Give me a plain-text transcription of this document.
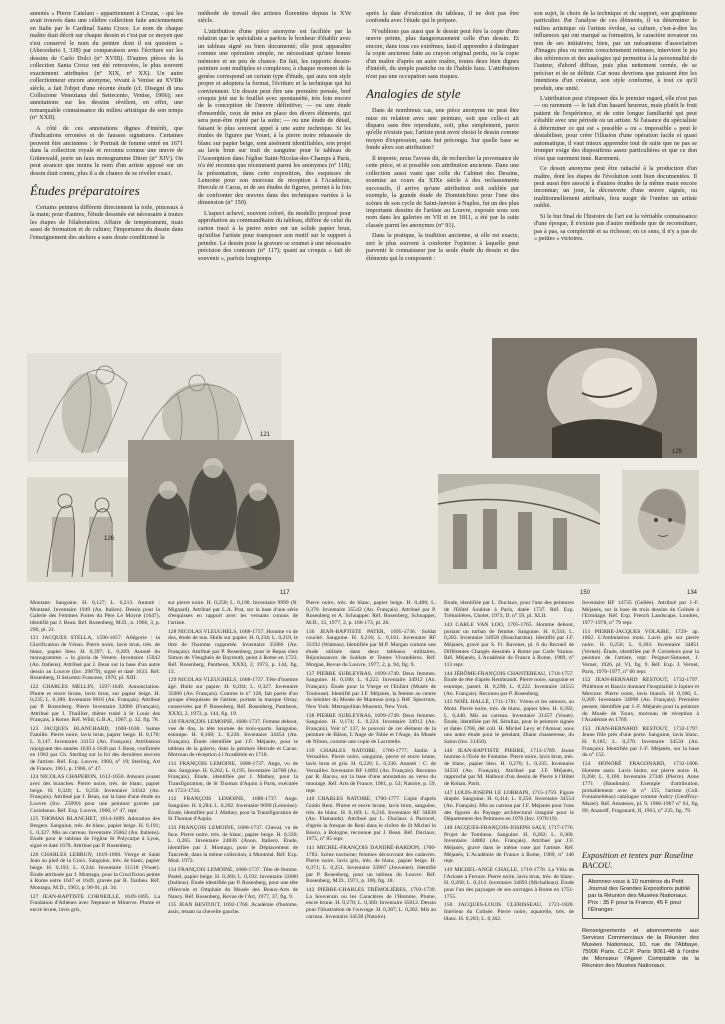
annotés « Pierre Catelani - appartiennent à Crozat, - qui les avait trouvés dans une célèbre collection faite anciennement en Italie par le Cardinal Santa Croce. Le nom de chaque maître était décrit sur chaque dessin et c'est par ce moyen que s'est conservé le nom du peintre dont il est question » (Abecedario I, 338) par comparaison avec l'écriture sur les dessins de Carlo Dolci (n° XVIII). D'autres pièces de la collection Santa Croce ont été retrouvées, le plus souvent exactement attribuées (n° XIX, n° XX). Un autre collectionneur encore anonyme, vivant à Venise au XVIIIe siècle, a fait l'objet d'une récente étude (cf. Disegni di una Collezione Veneziana del Settecento, Venise, 1966); ses annotations sur les dessins révèlent, en effet, une remarquable connaissance du milieu artistique de son temps (n° XXII).

A côté de ces annotations dignes d'intérêt, que d'indications erronées et de fausses signatures. Certaines peuvent être anciennes : le Portrait de femme entré en 1671 dans la collection royale et reconnu comme une œuvre de Grünewald, porte un faux monogramme Dürer (n° XIV). On peut avancer que moins le nom d'un artiste apposé sur un dessin était connu, plus il a de chance de se révéler exact.

Études préparatoires

Certains peintres diffèrent directement la toile, pinceaux à la main; pour d'autres, l'étude dessinée est nécessaire à toutes les étapes de l'élaboration. Affaire de tempérament, mais aussi de formation et de culture; l'importance du dessin dans l'enseignement des ateliers a sans doute conditionné la

méthode de travail des artistes florentins depuis le XVe siècle.

L'attribution d'une pièce anonyme est facilitée par la relation que le spécialiste a parfois le bonheur d'établir avec un tableau signé ou bien documenté; elle peut apparaître comme une opération simple, ne nécessitant qu'une bonne mémoire et un peu de chance. En fait, les rapports dessin-peinture sont multiples et complexes; à chaque moment de la genèse correspond un certain type d'étude, qui aura son style propre et adoptera la format, l'écriture et la technique qui lui conviennent. Un dessin peut être une première pensée, bref croquis jeté sur le feuillet avec spontanéité, très loin encore de la conception de l'œuvre définitive; — ou une étude d'ensemble, ceux de mise en place des divers éléments, qui sera peut-être rejeté par la suite; — ou une étude de détail, faisant le plus souvent appel à une autre technique. Si les études de figures par Vouet, à la pierre noire rehaussée de blanc sur papier beige, sont aisément identifiables, son projet au lavis brun sur trait de sanguine pour le tableau de l'Assomption dans l'église Saint-Nicolas-des-Champs à Paris, n'a été reconnu que récemment parmi les anonymes (n° 118); la présentation, dans cette exposition, des esquisses de Lemoine pour son morceau de réception à l'Académie, Hercule et Cacus, et de ses études de figures, permet à la fois de confronter des œuvres dans des techniques variées à la dimension (n° 150).

L'aspect achevé, souvent coloré, du modello proposé pour approbation au commanditaire du tableau, diffère de celui du carton tracé à la pierre noire sur un solide papier brun, qu'utilise l'artiste pour transposer son motif sur le support à peindre. Le dessin pour la gravure se soumet à une nécessaire précision des contours (n° 117); quant au croquis « fait de souvenir », parfois longtemps

après la date d'exécution du tableau, il ne doit pas être confondu avec l'étude qui le prépare.

N'oublions pas aussi que le dessin peut être la copie d'une œuvre peinte, plus dangereusement celle d'un dessin. Et encore, dans tous ces extrêmes, faut-il apprendre à distinguer la copie ancienne faite au crayon original perdu, ou la copie d'un maître d'après un autre maître, toutes deux bien dignes d'intérêt, du simple pastiche ou de l'habile faux. L'attribution n'est pas une occupation sans risques.

Analogies de style

Dans de nombreux cas, une pièce anonyme ne peut être mise en relation avec une peinture, soit que celle-ci ait disparu sans être reproduite, soit, plus simplement, parce qu'elle n'existe pas; l'artiste peut avoir choisi le dessin comme moyen d'expression, sans but précongu. Sur quelle base se fonde alors son attribution?

Il importe, nous l'avons dit, de rechercher la provenance de cette pièce, et si possible son attribution ancienne. Dans une collection aussi vaste que celle du Cabinet des Dessins, soumise au cours du XIXe siècle à des reclassements successifs, il arrive qu'une attribution soit oubliée par exemple, la grande étude de Dominichino pour l'une des scènes de son cycle de Saint-Janvier à Naples, fut un des plus importants dessins de l'artiste au Louvre, exposée sous son nom dans les galeries en VII et en 1811, a été par la suite classée parmi les anonymes (n° 91).

Dans la pratique, la tradition ancienne, si elle est exacte, sert le plus souvent à conforter l'opinion à laquelle peut parvenir le connaisseur par la seule étude du dessin et des éléments qui le composent :

son sujet, le choix de la technique et du support, son graphisme particulier. Par l'analyse de ces éléments, il va déterminer le milieu artistique où l'artiste évolue, sa culture, c'est-à-dire les influences qui ont marqué sa formation, le caractère novateur ou non de ses initiatives; bien, par un mécanisme d'association d'images plus ou moins consciemment retenues, intervient le jeu des références et des analogies qui permettra à la personnalité de l'auteur, d'abord diffuse, puis plus nettement cernée, de se préciser et de se définir. Car nous devrions que puissent être les intentions d'un créateur, son style conforme, à tout ce qu'il produit, une unité.

L'attribution peut s'imposer dès le premier regard, elle n'est pas — ou rarement — le fait d'un hasard heureux, mais plutôt le fruit patient de l'expérience, et de cette longue familiarité qui peut s'établir avec une période ou un artiste. Si l'aisance du spécialiste à déterminer ce qui est « possible » ou « impossible » peut le déstabiliser, pour créer l'illusion d'une opération facile et quasi automatique, il vaut mieux apprendre tout de suite que ne pas se tromper exige des dispositions assez particulières et que ce don n'est que rarement inné. Rarement.

Ce dessin anonyme peut être rattaché à la production d'un maître, dont les étapes de l'évolution sont bien documentées. Il peut aussi être associé à d'autres études de la même main encore inconnue; un jour, la découverte d'une œuvre signée, ou traditionnellement attribuée, fera surgir de l'ombre un artiste oublié.

Si le but final de l'histoire de l'art est la véritable connaissance d'une époque, il n'existe pas d'autre méthode que de reconstituer, pas à pas, sa complexité et sa richesse; en ce sens, il n'y a pas de « petites » victoires.

126
121
117
129
150	134

Montane. Sanguine. H. 0,127; L. 0,213. Annoté : Montané. Inventaire 1949 (An. Italien). Dessin pour la Galerie des Femmes Fortes du Père Le Moyne (1647), identifié par J. Bean. Réf. Rosenberg, M.D., n. 1966, 3, p. 290, pl. 21.

121 JACQUES STELLA, 1596-1657. Allégorie : la Glorification de Vénus. Pierre noire, lavis brun, trés. de blanc, papier bleu. H. 0,397; L. 0,269. Annoté du monogramme. « la gloria de Venere. Inventaire 15042 (An. Italiens). Attribué par J. Bean sur la base d'un autre dessin au Louvre (Inv. 29879), signé et daté 1633. Réf. Rosenberg, Il Seicento Francese, 1970, pl. XIII.

122 CHARLES MELLIN, 1597-1649. Annonciation. Plume et encre brune, lavis brun, sur papier beige. H. 0,235; L. 0,186. Inventaire 9016 (An. Français). Attribué par P. Rosenberg. Pierre Inventaire 32086 (Français), Attribué par J. Thuillier, thème traité à St Louis des Français, à Rome. Réf. Wild, G.B.A., 1967, p. 32, fig. 78.

123 JACQUES BLANCHARD, 1600-1638. Sainte Famille. Pierre noire, lavis brun, papier beige. H. 0,170; L. 0,147. Inventaire 34153 (An. Français). Attribution rejoignant des années 1630 à 1640 par J. Bean, confirmée en 1963 par Ch. Sterling sur la foi des dernières œuvres de l'artiste. Réf. Exp. Louvre, 1960, n° 19; Sterling, Art de France, 1961, p. 1966, n° 47.

124 NICOLAS CHAPERON, 1612-1656. Amours jouant avec des branches. Pierre noire, trés. de blanc, papier beige. H. 0,320; L. 0,250. Inventaire 34342 (An. Français). Attribué par J. Bean, sur la base d'une étude au Louvre (Inv. 25890) pour une peinture gravée par Coriolanus. Réf. Exp. Louvre, 1960, n° 47, repr.

125 THOMAS BLANCHET, 1614-1689. Adoration des Bergers. Sanguine, trés. de blanc, papier beige. H. 0,191; L. 0,327. Mis au carreau. Inventaire 25062 (An. Italiens). Etude pour le tableau de l'église St Polycarpe à Lyon, signé et daté 1678. Attribué par P. Rosenberg.

126 CHARLES LEBRUN, 1619-1690. Vierge et Saint Jean au pied de la Croix. Sanguine, trés. de blanc, papier beige. H. 0,193; L. 0,244. Inventaire 31518 (Vouet). Étude attribuée par J. Montagu, pour la Crucifixion peinte à Rome entre 1647 et 1649, gravée par R. Tardieu. Réf. Montagu, M.D., 1963, p. 90-91, pl. 34.

127 JEAN-BAPTISTE CORNEILLE, 1649-1695. La Fondation d'Athènes avec Neptune et Minerve. Plume et encre brune, lavis gris,

sur pierre noire. H. 0,258; L. 0,190. Inventaire 9999 (N. Mignard). Attribué par L.A. Prat, sur la base d'une série d'esquisses en rapport avec les versants connus de l'artiste.

128 NICOLAS VLEUGHELS, 1668-1737. Homme vu de dos, étude de nus. Huile sur papier. H. 0,234; L. 0,219, le titre de l'homme rapportée. Inventaire 35066 (An. Français). Attribué par P. Rosenberg, pour le Repas chez Simon de Vleughels de Bayreuth, peint à Rome en 1723. Réf. Rosenberg, Pantheon, XXXI, 2, 1973, p. 144, fig. 13.

129 NICOLAS VLEUGHELS, 1668-1737. Tête d'homme âgé. Huile sur papier. H. 0,204; L. 0,327. Inventaire 35066 (An. Français). Comme le n° 128, fait partie d'un groupe d'esquisses de l'artiste, portant la marque Orsay, conservées par P. Rosenberg. Réf. Rosenberg, Pantheon, XXXI, 2, 1973, p. 144, fig. 19.

130 FRANÇOIS LEMOINE, 1688-1737. Femme debout, vue de dos, la tête tournée de trois-quarts. Sanguine, estompe. H. 0,160; L. 0,226. Inventaire 34454 (An. Français). Étude identifiée par J.F. Méjanès, pour le tableau de la galerie, dans la peinture Hercule et Cacus. Morceau de réception à l'Académie en 1718.

131 FRANÇOIS LEMOINE, 1688-1737. Ange, vu de dos. Sanguine. H. 0,262; L. 0,195. Inventaire 34768 (An. Français). Étude, identifiée par J. Mathey, pour la Transfiguration, de St Thomas d'Aquin à Paris, exécutée en 1723-1724.

132 FRANÇOIS LEMOINE, 1688-1737. Ange. Sanguine. H. 0,284; L. 0,202. Inventaire 9690 (Lemoine). Étude, identifiée par J. Mathey, pour la Transfiguration de St Thomas d'Aquin.

133 FRANÇOIS LEMOINE, 1688-1737. Cheval, vu de face. Pierre noire, trés. de blanc, papier beige. H. 0,326; L. 0,265. Inventaire 24836 (Anon. Italien). Étude, identifiée par J. Montagu, pour le Déplacement de Tancrède, dans la même collection, à Montréal. Réf. Exp. Mod. 1973.

134 FRANÇOIS LEMOINE, 1688-1737. Tête de femme. Pastel, papier beige. H. 0,366; L. 0,192. Inventaire 33680 (Italiens). Étude identifiée par P. Rosenberg, pour une tête d'Hercule et Omphale du Musée des Beaux-Arts de Nancy. Réf. Rosenberg, Revue de l'Art, 1977, 37, fig. 9.

135 JEAN RESTOUT, 1692-1768. Académie d'homme, assis, tenant sa chevelle gauche.

Pierre noire, trés. de blanc, papier beige. H. 0,488; L. 0,370. Inventaire 35543 (An. Français). Attribué par P. Rosenberg et A. Schnapper. Réf. Rosenberg, Schnapper, M.D., 15, 1977, 2, p. 166-173, pl. 26.

136 JEAN-BAPTISTE PATER, 1695-1736. Soldat couché. Sanguine. H. 0,216; L. 0,181. Inventaire RF 33192 (Watteau). Identifiée par M.P. Morgan comme une étude utilisée dans deux tableaux militaires, Réjouissances de Soldats et Tentes Vivandières. Réf. Morgan, Revue du Louvre, 1977, 2, p. 94, fig. 9.

137 PIERRE SUBLEYRAS, 1699-1749. Deux femmes. Sanguine. H. 0,180; L. 0,222. Inventaire 34912 (An. Français). Étude pour la Vierge et l'Enfant (Musée de Toulouse). Identifié par J.F. Méjanès, la femme au centre du bénitier du Musée de Mantoue (exp.). Réf. Spectrum, New York: Metropolitan Museum, New York.

138 PIERRE SUBLEYRAS, 1699-1749. Deux femmes. Sanguine. H. 0,174; L. 0,224. Inventaire 34912 (An. Français). Voir n° 137, le pouvoir de cet élément de la peinture de Bâton, L'Ange de Tobie et l'Ange, du Musée de Nîmes, comme une copie de Lacretelle.

139 CHARLES NATOIRE, 1700-1777. Jardin à Versailles. Pierre noire, sanguine, pierre et encre brune, lavis brun et gris. H. 0,226; L. 0,336. Annoté : C. de Versailles. Inventaire RF 14892 (An. Français). Reconnu par R. Bacou, sur la base d'une annotation au verso du montage. Réf. Arts de France, 1961, p. 53; Natoire, p. 59, repr.

140 CHARLES NATOIRE, 1700-1777. Copie d'après Guido Reni. Plume et encre brune, lavis brun, sanguine, trés. de blanc. H. 0,169; L. 0,216. Inventaire RF 34838 (An. Flamands). Attribué par L. Duclaux à Parrocel, d'après la fresque de Reni dans le cloître de St Michel in Bosco, à Bologne, reconnue par J. Bean. Réf. Duclaux, 1975, n° 85 repr.

141 MICHEL-FRANÇOIS DANDRÉ-BARDON, 1700-1783. Scène nocturne; femmes découvrant des cadavres. Pierre noire, lavis gris, trés. de blanc, papier beige. H. 0,371; L. 0,251. Inventaire 33967 (Jouvenet). Identifié par P. Rosenberg, pour un tableau du Louvre. Réf. Rosenberg, M.D., 1971, p. 106, fig. 18.

142 PIERRE-CHARLES TRÉMOLIÈRES, 1703-1739. La Souverain ou les Caractères de l'Homme. Plume, encre brune. H. 0,270; L. 0,360. Inventaire 35012. Dessin pour l'illustration de l'ouvrage. H. 0,287; L. 0,282. Mis au carreau. Inventaire 34538 (Natoire).

Étude, identifiée par L. Duclaux, pour l'une des peintures de l'Hôtel Soubise à Paris, datée 1737. Réf. Exp. Trémolières, Cholet, 1973, D. n° 59, pl. XLII.

143 CARLE VAN LOO, 1705-1765. Homme debout, portant un turban de femme. Sanguine. H. 0,334; L. 0,283. Inventaire 34958 (Bouchardon). Identifié par J.F. Méjanès, gravé par S. Fr. Ravenet, pl. 6 du Recueil de Différentes Chargés dessinés à Rome par Carle Vanloo. Réf. Méjanès, L'Académie de France à Rome, 1969, n° 113 repr.

144 JÉRÔME-FRANÇOIS CHANTEREAU, 1710-1757. Étude de tête d'après Rembrandt. Pierre noire, sanguine et estompe, pastel. H. 0,290; L. 0,222. Inventaire 34555 (An. Français). Reconnu par P. Rosenberg.

145 NOËL HALLÉ, 1711-1781. Vénus et les amours, au Mont. Pierre noire, trés. de blanc, papier bleu. H. 0,392; L. 0,448. Mis au carreau. Inventaire 31457 (Vouet). Étude, identifiée par M. Sérullaz, pour le peinture signée et datée 1768, dét coll. H. Michel Levy et l'Amour, sous une autre étude pour le pendant, Diane chasseresse, du Salon (Inv. 31458).

146 JEAN-BAPTISTE PIERRE, 1713-1789. Jeune homme à l'Eole de Fontaine. Pierre noire, lavis brun, trés. de blanc, papier bleu. H. 0,270; L. 0,335. Inventaire 34550 (An. Français). Attribué par J.F. Méjanès, rapproché par M. Halbout d'un dessin de Pierre à l'Hôtel de Rohan, Paris.

147 LOUIS-JOSEPH LE LORRAIN, 1715-1759. Figure drapée. Sanguine. H. 0,414; L. 0,250. Inventaire 34554 (An. Français). Mis au carreau par J.F. Méjanès pour l'une des figures du Paysage architectural imaginé pour le Département des Peintures en 1976 (Inv. 1976/19).

148 JACQUES-FRANÇOIS-JOSEPH SALY, 1717-1776. Projet de Tombeau. Sanguine. H. 0,282; L. 0,360. Inventaire 34882 (An. Français). Attribué par J.F. Méjanès, gravé dans le même vase par l'artiste. Réf. Méjanès, L'Académie de France à Rome, 1969, n° 146 repr.

149 MICHEL-ANGE CHALLE, 1718-1778. La Villa de l'Arioste à Ferrare. Pierre noire, lavis brun, trés. de blanc. H. 0,260; L. 0,214. Inventaire 34893 (Michalleau). Étude pour l'un des paysages de ses ouvrages à Rome en 1751-1755.

150 JACQUES-LOUIS CLERISSEAU, 1721-1820. Intérieur du Colisée. Pierre noire, aquarelle, trés. de blanc. H. 0,263; L. 0,362.

Inventaire RF 14735 (Gellée). Attribué par J.-F. Méjanès, sur la base de trois dessins du Colisée à l'Ermitage. Réf. Exp. French Landscape, Londres, 1977-1978, n° 79 repr.

151 PIERRE-JACQUES VOLAIRE, 1729- ap. 1802. L'Ambulation mois. Lavis gris sur pierre noire. H. 0,256; L. 0,303. Inventaire 34851 (Vernet). Étude, identifiée par P. Cornebois pour la peinture de l'artiste, repr. Peignot-Simonet, J. Vernet, 1926, pl. VI, fig. 9. Réf. Exp. J. Vernet, Paris, 1976-1977, n° 66 repr.

152 JEAN-BERNARD RESTOUT, 1732-1797. Philémon et Baucis donnant l'hospitalité à Jupiter et Mercure. Pierre noire, lavis blanch. H. 0,186; L. 0,269. Inventaire 34998 (An. Français). Première pensée, identifiée par J.-F. Méjanès pour la peinture du Musée de Tours, morceau de réception à l'Académie en 1769.

153 JEAN-BERNARD RESTOUT, 1732-1797. Jeune fille près d'une porte. Sanguine, lavis blanc. H. 0,185; L. 0,270. Inventaire 34534 (An. Français). Identifiée par J.-F. Méjanès, sur la base du n° 152.

154 HONORÉ FRAGONARD, 1732-1806. Homme assis. Lavis bistre, sur pierre noire. H. 0,260; L. 0,160. Inventaire 27346 (Pierre). Anne 1771 (Baudouin). Exemple d'attribution, probablement avec le n° 155, l'artiste (Coll. Fontainebleau) catalogue comme Aubry (Geoffroy-Mazet). Réf. Amateurs, pl. 9, 1966-1967 n° 63, fig. 89; Ananoff, Fragonard, II, 1963, n° 235, fig. 79.

Exposition et textes par Roseline BACOU.
Abonnez-vous à 10 numéros du Petit Journal des Grandes Expositions publié par la Réunion des Musées Nationaux. Prix : 35 F pour la France, 45 F pour l'Étranger.

Renseignements et abonnements aux Services Commerciaux de la Réunion des Musées Nationaux, 10, rue de l'Abbaye, 75006 Paris. C.C.P. Paris 9061-48 à l'ordre de Monsieur l'Agent Comptable de la Réunion des Musées Nationaux.
